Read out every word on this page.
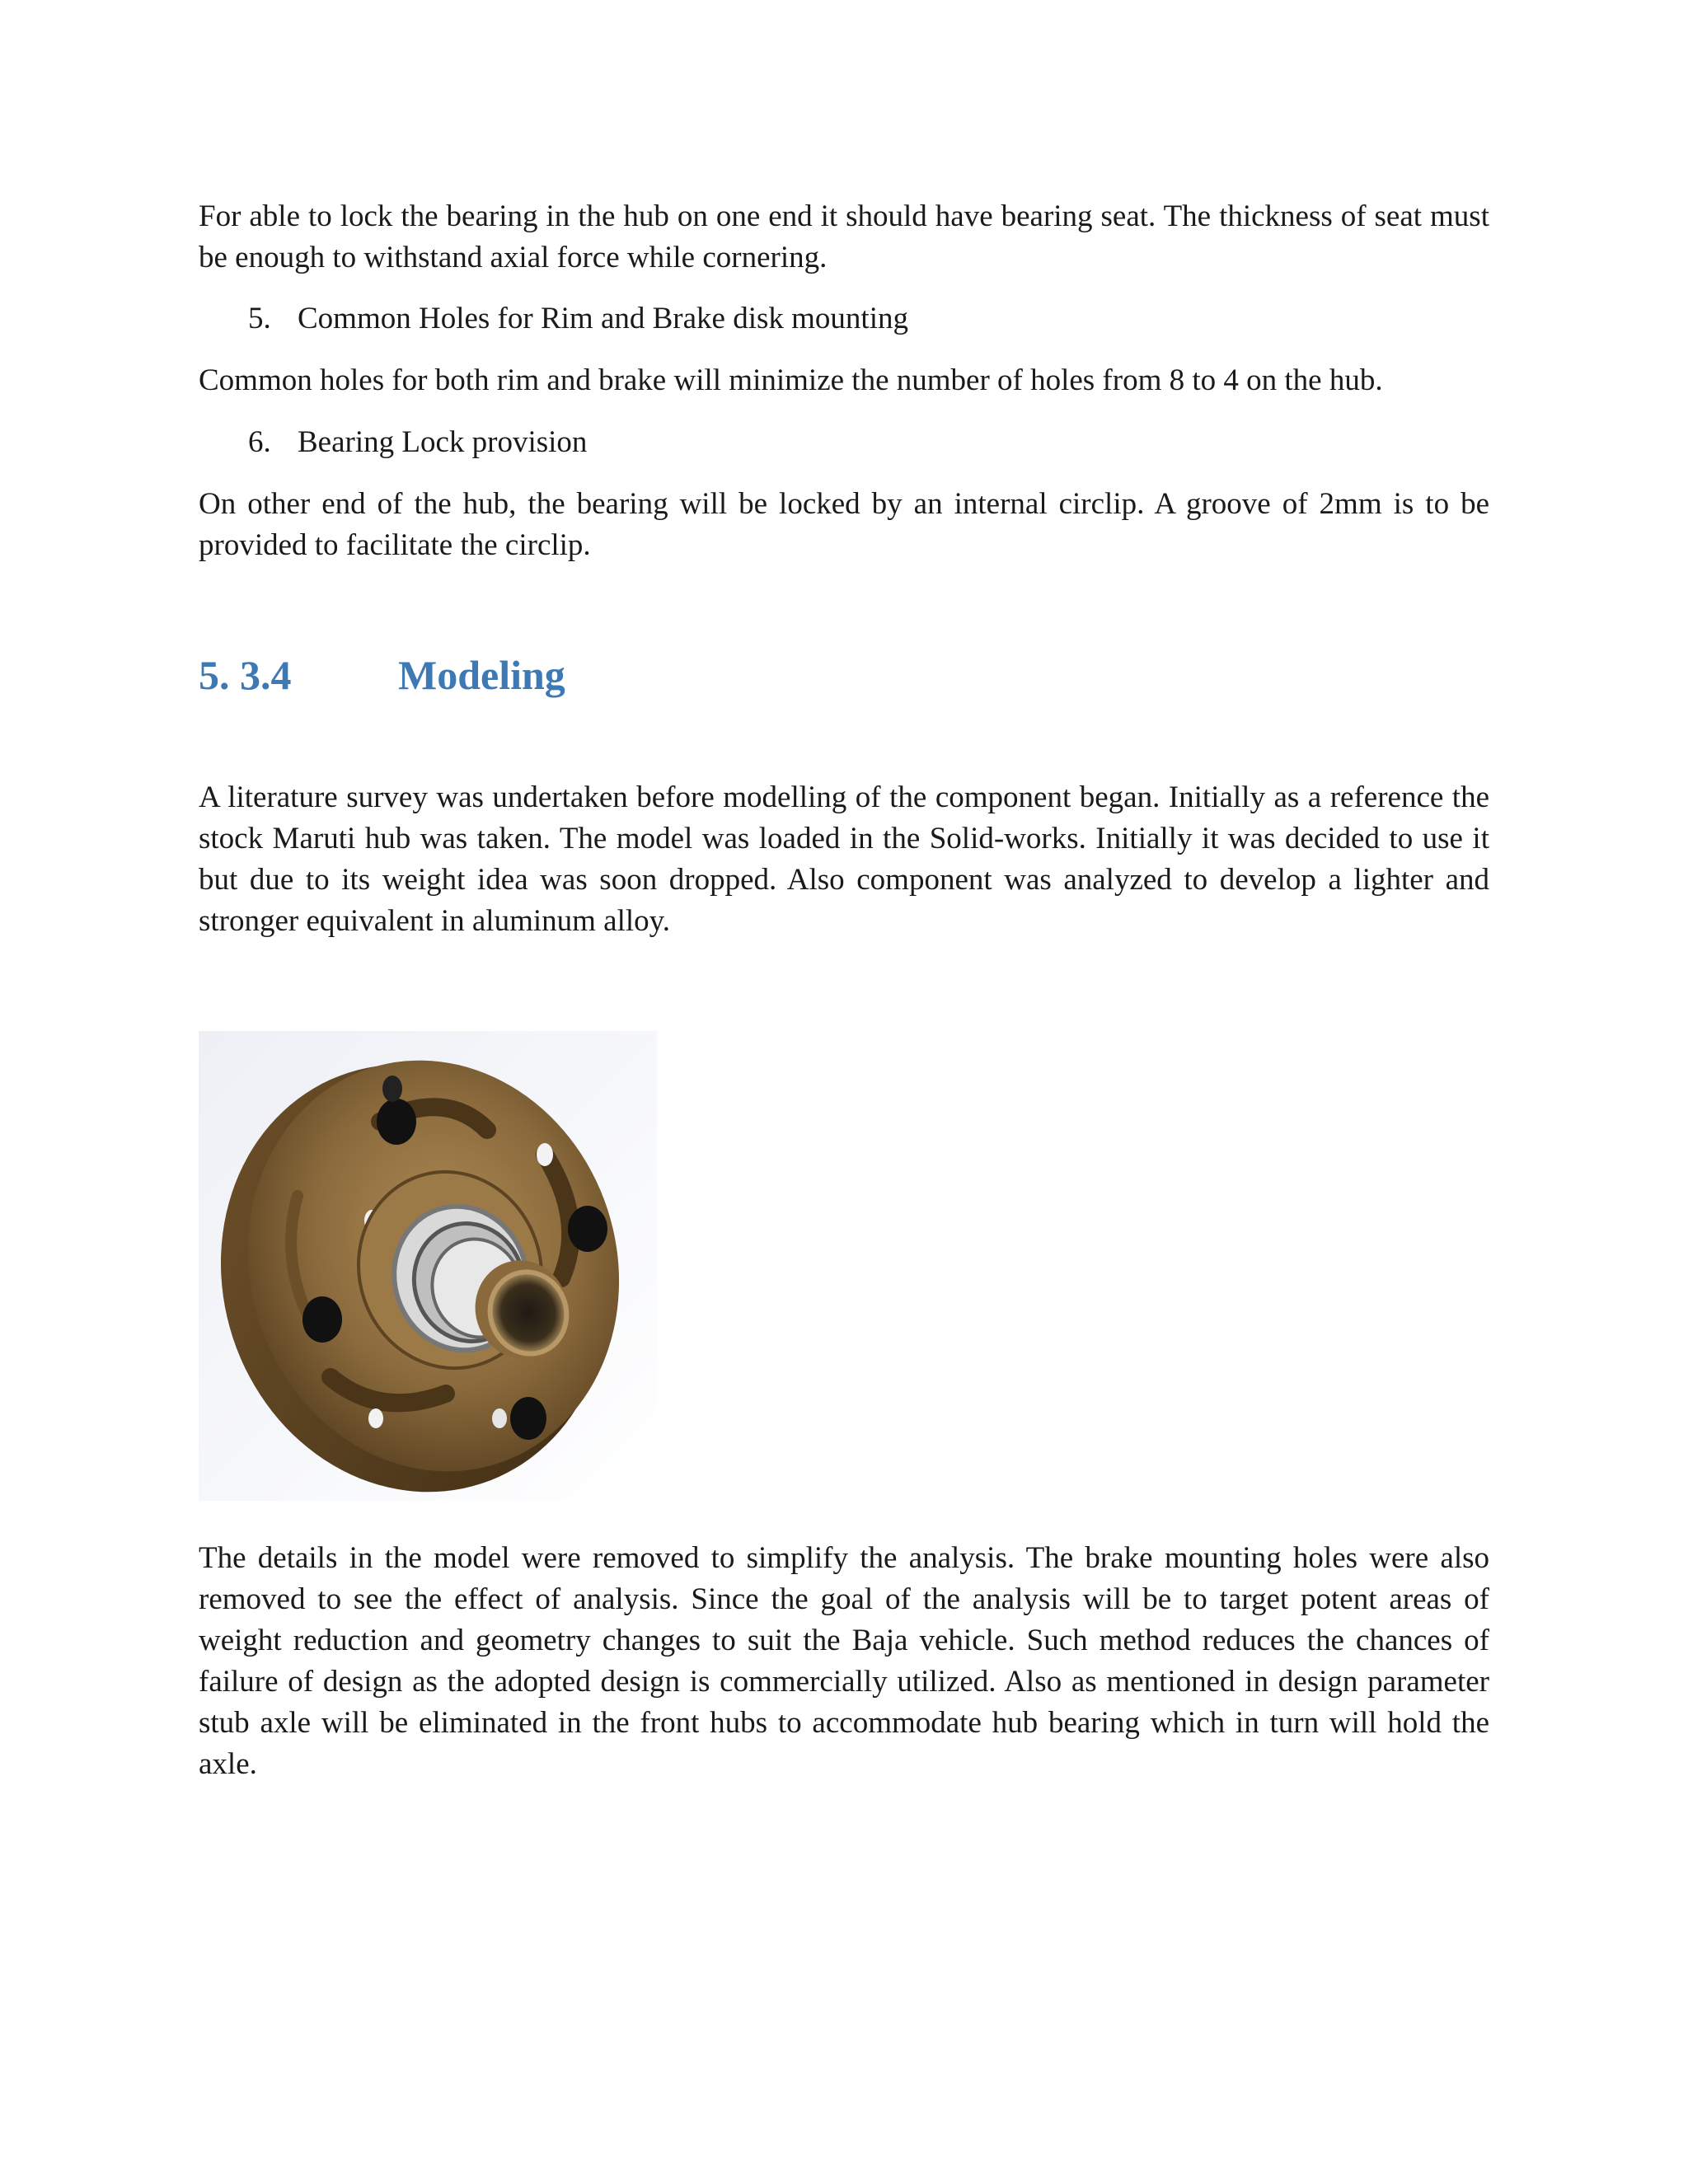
For able to lock the bearing in the hub on one end it should have bearing seat. The thickness of seat must be enough to withstand axial force while cornering.

5. Common Holes for Rim and Brake disk mounting

Common holes for both rim and brake will minimize the number of holes from 8 to 4 on the hub.

6. Bearing Lock provision

On other end of the hub, the bearing will be locked by an internal circlip. A groove of 2mm is to be provided to facilitate the circlip.

5. 3.4	Modeling

A literature survey was undertaken before modelling of the component began. Initially as a reference the stock Maruti hub was taken. The model was loaded in the Solid-works. Initially it was decided to use it but due to its weight idea was soon dropped. Also component was analyzed to develop a lighter and stronger equivalent in aluminum alloy.

The details in the model were removed to simplify the analysis. The brake mounting holes were also removed to see the effect of analysis. Since the goal of the analysis will be to target potent areas of weight reduction and geometry changes to suit the Baja vehicle. Such method reduces the chances of failure of design as the adopted design is commercially utilized. Also as mentioned in design parameter stub axle will be eliminated in the front hubs to accommodate hub bearing which in turn will hold the axle.
